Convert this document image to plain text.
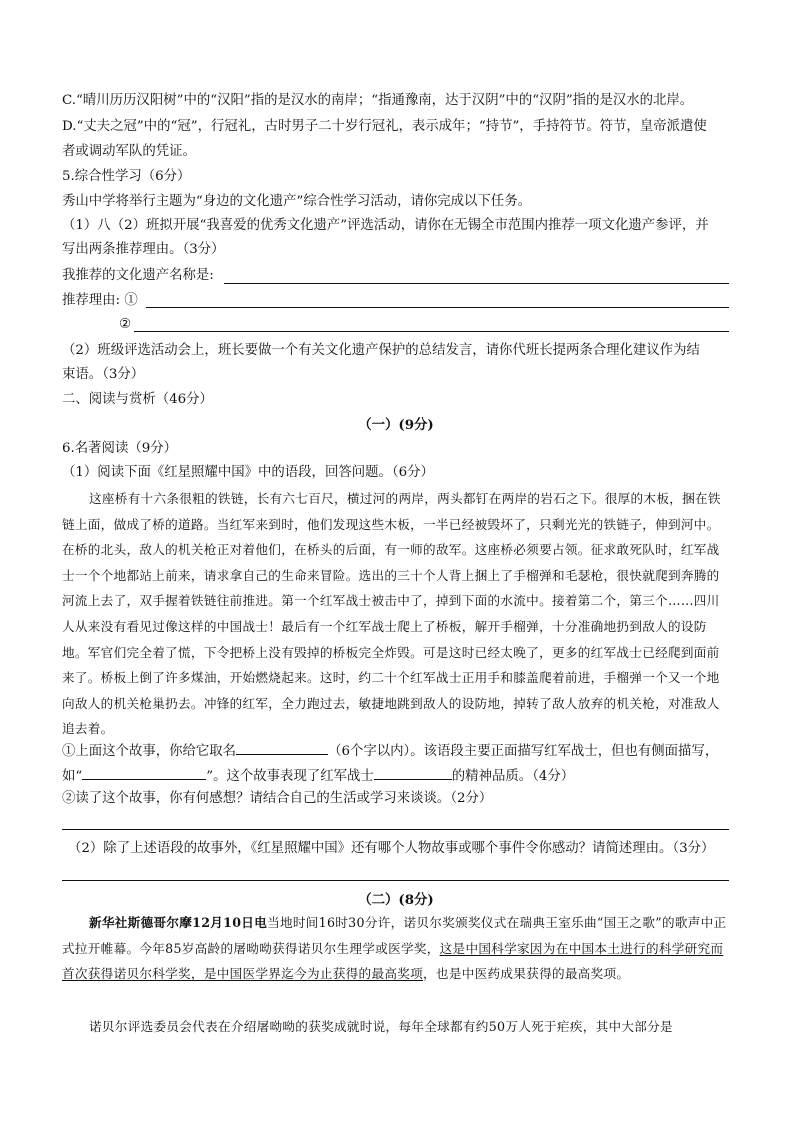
C.“晴川历历汉阳树”中的“汉阳”指的是汉水的南岸；“指通豫南，达于汉阴”中的“汉阴”指的是汉水的北岸。
D.“丈夫之冠”中的“冠”，行冠礼，古时男子二十岁行冠礼，表示成年；“持节”，手持符节。符节，皇帝派遣使
者或调动军队的凭证。
5.综合性学习（6分）
秀山中学将举行主题为“身边的文化遗产”综合性学习活动，请你完成以下任务。
（1）八（2）班拟开展“我喜爱的优秀文化遗产”评选活动，请你在无锡全市范围内推荐一项文化遗产参评，并
写出两条推荐理由。（3分）
我推荐的文化遗产名称是:
推荐理由: ①
②
（2）班级评选活动会上，班长要做一个有关文化遗产保护的总结发言，请你代班长提两条合理化建议作为结
束语。（3分）
二、阅读与赏析（46分）
（一）(9分)
6.名著阅读（9分）
（1）阅读下面《红星照耀中国》中的语段，回答问题。（6分）
这座桥有十六条很粗的铁链，长有六七百尺，横过河的两岸，两头都钉在两岸的岩石之下。很厚的木板，捆在铁链上面，做成了桥的道路。当红军来到时，他们发现这些木板，一半已经被毁坏了，只剩光光的铁链子，伸到河中。在桥的北头，敌人的机关枪正对着他们，在桥头的后面，有一师的敌军。这座桥必须要占领。征求敢死队时，红军战士一个个地都站上前来，请求拿自己的生命来冒险。选出的三十个人背上捆上了手榴弹和毛瑟枪，很快就爬到奔腾的河流上去了，双手握着铁链往前推进。第一个红军战士被击中了，掉到下面的水流中。接着第二个，第三个……四川人从来没有看见过像这样的中国战士！最后有一个红军战士爬上了桥板，解开手榴弹，十分准确地扔到敌人的设防地。军官们完全着了慌，下令把桥上没有毁掉的桥板完全炸毁。可是这时已经太晚了，更多的红军战士已经爬到面前来了。桥板上倒了许多煤油，开始燃烧起来。这时，约二十个红军战士正用手和膝盖爬着前进，手榴弹一个又一个地向敌人的机关枪巢扔去。冲锋的红军，全力跑过去，敏捷地跳到敌人的设防地，掉转了敌人放弃的机关枪，对准敌人追去着。
①上面这个故事，你给它取名	（6个字以内）。该语段主要正面描写红军战士，但也有侧面描写，
如“	”。这个故事表现了红军战士	的精神品质。（4分）
②读了这个故事，你有何感想？请结合自己的生活或学习来谈谈。（2分）
（2）除了上述语段的故事外，《红星照耀中国》还有哪个人物故事或哪个事件令你感动？请简述理由。（3分）
（二）(8分)
新华社斯德哥尔摩12月10日电当地时间16时30分许，诺贝尔奖颁奖仪式在瑞典王室乐曲“国王之歌”的歌声中正式拉开帷幕。今年85岁高龄的屠呦呦获得诺贝尔生理学或医学奖，这是中国科学家因为在中国本土进行的科学研究而首次获得诺贝尔科学奖，是中国医学界迄今为止获得的最高奖项，也是中医药成果获得的最高奖项。
诺贝尔评选委员会代表在介绍屠呦呦的获奖成就时说，每年全球都有约50万人死于疟疾，其中大部分是
